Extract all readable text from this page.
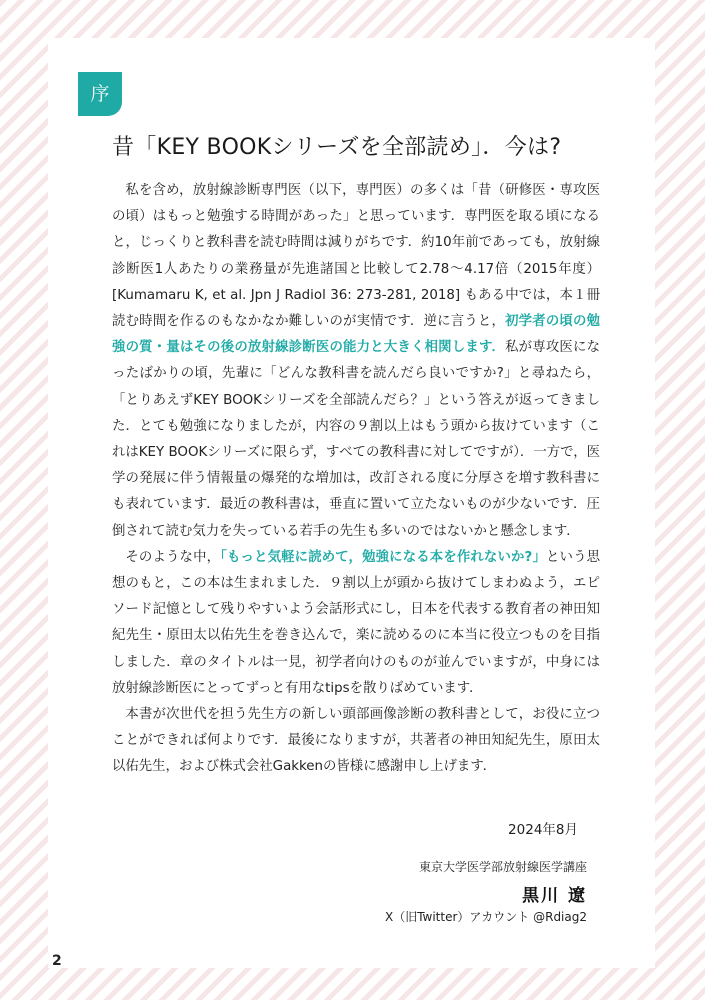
序
昔「KEY BOOKシリーズを全部読め」．今は?

私を含め，放射線診断専門医（以下，専門医）の多くは「昔（研修医・専攻医の頃）はもっと勉強する時間があった」と思っています．専門医を取る頃になると，じっくりと教科書を読む時間は減りがちです．約10年前であっても，放射線診断医1人あたりの業務量が先進諸国と比較して2.78〜4.17倍（2015年度）[Kumamaru K, et al. Jpn J Radiol 36: 273-281, 2018] もある中では，本１冊読む時間を作るのもなかなか難しいのが実情です．逆に言うと，初学者の頃の勉強の質・量はその後の放射線診断医の能力と大きく相関します．私が専攻医になったばかりの頃，先輩に「どんな教科書を読んだら良いですか?」と尋ねたら，「とりあえずKEY BOOKシリーズを全部読んだら？」という答えが返ってきました．とても勉強になりましたが，内容の９割以上はもう頭から抜けています（これはKEY BOOKシリーズに限らず，すべての教科書に対してですが）．一方で，医学の発展に伴う情報量の爆発的な増加は，改訂される度に分厚さを増す教科書にも表れています．最近の教科書は，垂直に置いて立たないものが少ないです．圧倒されて読む気力を失っている若手の先生も多いのではないかと懸念します．

そのような中，「もっと気軽に読めて，勉強になる本を作れないか?」という思想のもと，この本は生まれました．９割以上が頭から抜けてしまわぬよう，エピソード記憶として残りやすいよう会話形式にし，日本を代表する教育者の神田知紀先生・原田太以佑先生を巻き込んで，楽に読めるのに本当に役立つものを目指しました．章のタイトルは一見，初学者向けのものが並んでいますが，中身には放射線診断医にとってずっと有用なtipsを散りばめています．

本書が次世代を担う先生方の新しい頭部画像診断の教科書として，お役に立つことができれば何よりです．最後になりますが，共著者の神田知紀先生，原田太以佑先生，および株式会社Gakkenの皆様に感謝申し上げます．

2024年8月
東京大学医学部放射線医学講座
黒川 遼
X（旧Twitter）アカウント @Rdiag2
2
